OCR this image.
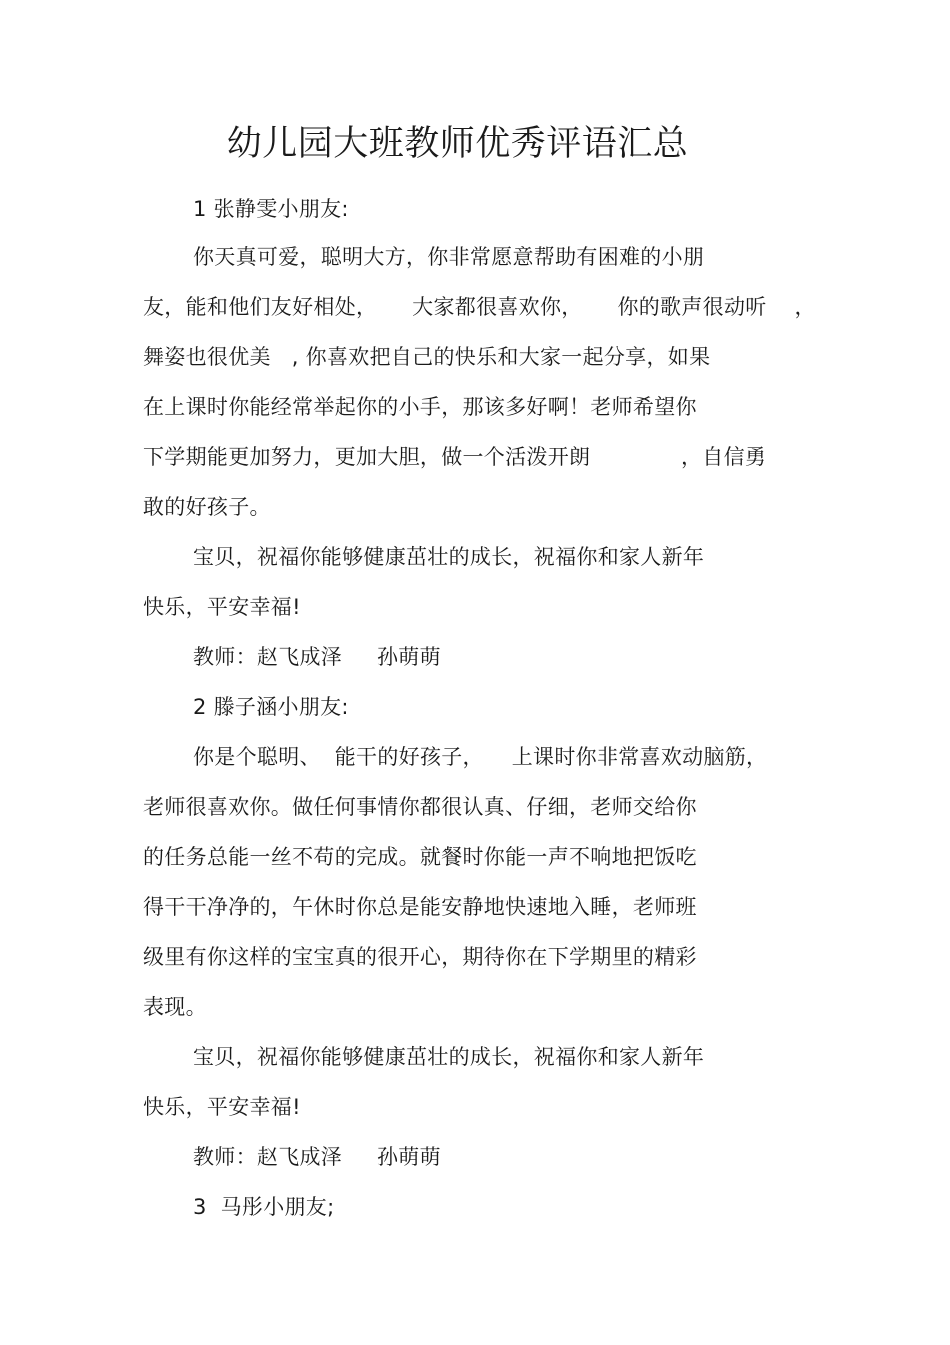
幼儿园大班教师优秀评语汇总
1 张静雯小朋友:
你天真可爱，聪明大方，你非常愿意帮助有困难的小朋
友，能和他们友好相处，     大家都很喜欢你，     你的歌声很动听    ，
舞姿也很优美   , 你喜欢把自己的快乐和大家一起分享，如果
在上课时你能经常举起你的小手，那该多好啊！老师希望你
下学期能更加努力，更加大胆，做一个活泼开朗             ，自信勇
敢的好孩子。
宝贝，祝福你能够健康茁壮的成长，祝福你和家人新年
快乐，平安幸福!
教师：赵飞成泽     孙萌萌
2 滕子涵小朋友:
你是个聪明、  能干的好孩子，    上课时你非常喜欢动脑筋，
老师很喜欢你。做任何事情你都很认真、仔细，老师交给你
的任务总能一丝不苟的完成。就餐时你能一声不响地把饭吃
得干干净净的，午休时你总是能安静地快速地入睡，老师班
级里有你这样的宝宝真的很开心，期待你在下学期里的精彩
表现。
宝贝，祝福你能够健康茁壮的成长，祝福你和家人新年
快乐，平安幸福!
教师：赵飞成泽     孙萌萌
3  马彤小朋友;
